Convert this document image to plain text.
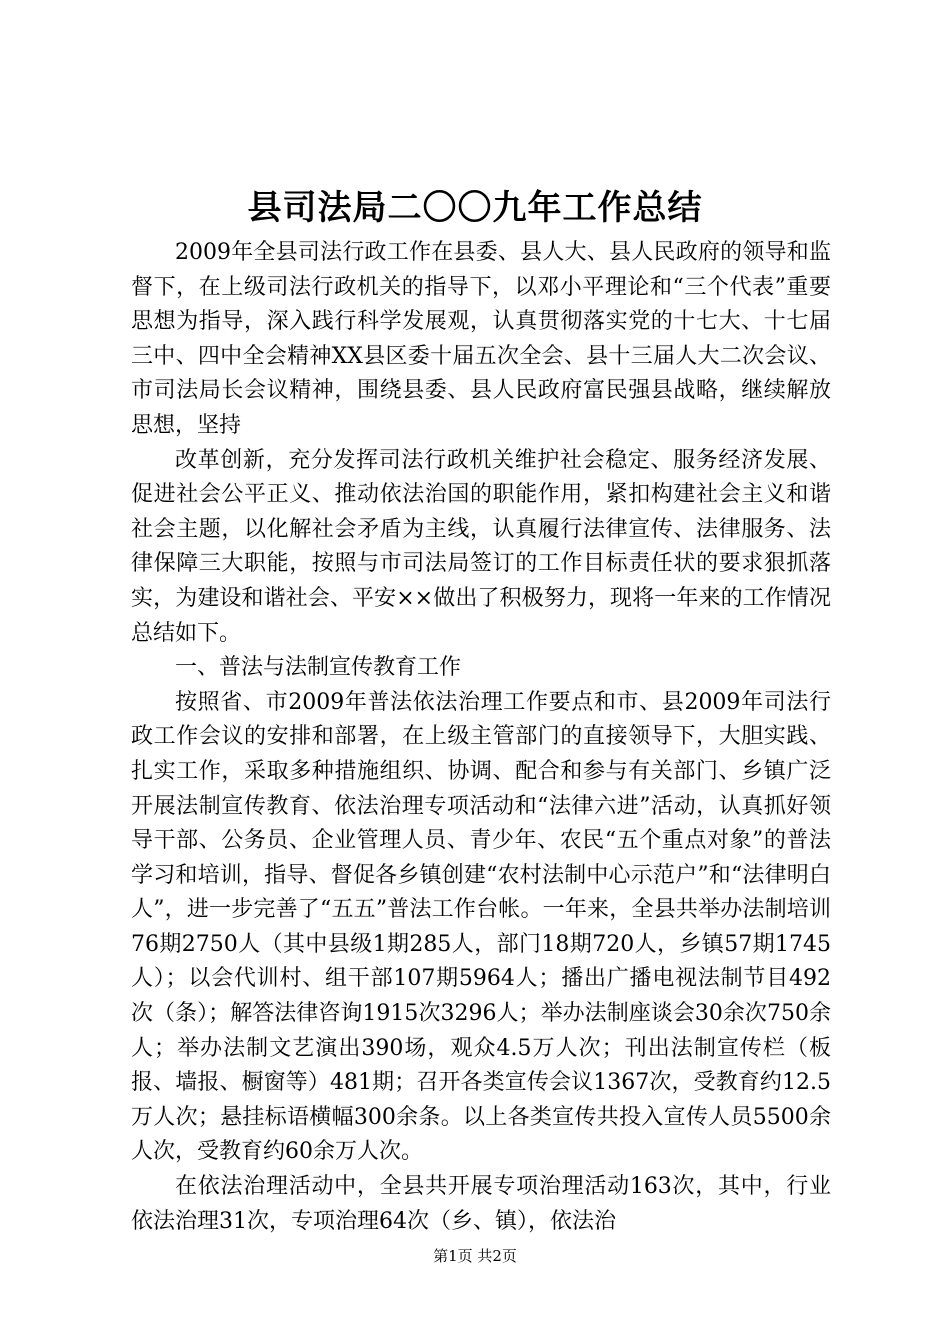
县司法局二〇〇九年工作总结

2009年全县司法行政工作在县委、县人大、县人民政府的领导和监督下，在上级司法行政机关的指导下，以邓小平理论和“三个代表”重要思想为指导，深入践行科学发展观，认真贯彻落实党的十七大、十七届三中、四中全会精神XX县区委十届五次全会、县十三届人大二次会议、市司法局长会议精神，围绕县委、县人民政府富民强县战略，继续解放思想，坚持

改革创新，充分发挥司法行政机关维护社会稳定、服务经济发展、促进社会公平正义、推动依法治国的职能作用，紧扣构建社会主义和谐社会主题，以化解社会矛盾为主线，认真履行法律宣传、法律服务、法律保障三大职能，按照与市司法局签订的工作目标责任状的要求狠抓落实，为建设和谐社会、平安××做出了积极努力，现将一年来的工作情况总结如下。

一、普法与法制宣传教育工作

按照省、市2009年普法依法治理工作要点和市、县2009年司法行政工作会议的安排和部署，在上级主管部门的直接领导下，大胆实践、扎实工作，采取多种措施组织、协调、配合和参与有关部门、乡镇广泛开展法制宣传教育、依法治理专项活动和“法律六进”活动，认真抓好领导干部、公务员、企业管理人员、青少年、农民“五个重点对象”的普法学习和培训，指导、督促各乡镇创建“农村法制中心示范户”和“法律明白人”，进一步完善了“五五”普法工作台帐。一年来，全县共举办法制培训76期2750人（其中县级1期285人，部门18期720人，乡镇57期1745人）；以会代训村、组干部107期5964人；播出广播电视法制节目492次（条）；解答法律咨询1915次3296人；举办法制座谈会30余次750余人；举办法制文艺演出390场，观众4.5万人次；刊出法制宣传栏（板报、墙报、橱窗等）481期；召开各类宣传会议1367次，受教育约12.5万人次；悬挂标语横幅300余条。以上各类宣传共投入宣传人员5500余人次，受教育约60余万人次。

在依法治理活动中，全县共开展专项治理活动163次，其中，行业依法治理31次，专项治理64次（乡、镇），依法治

第1页 共2页
